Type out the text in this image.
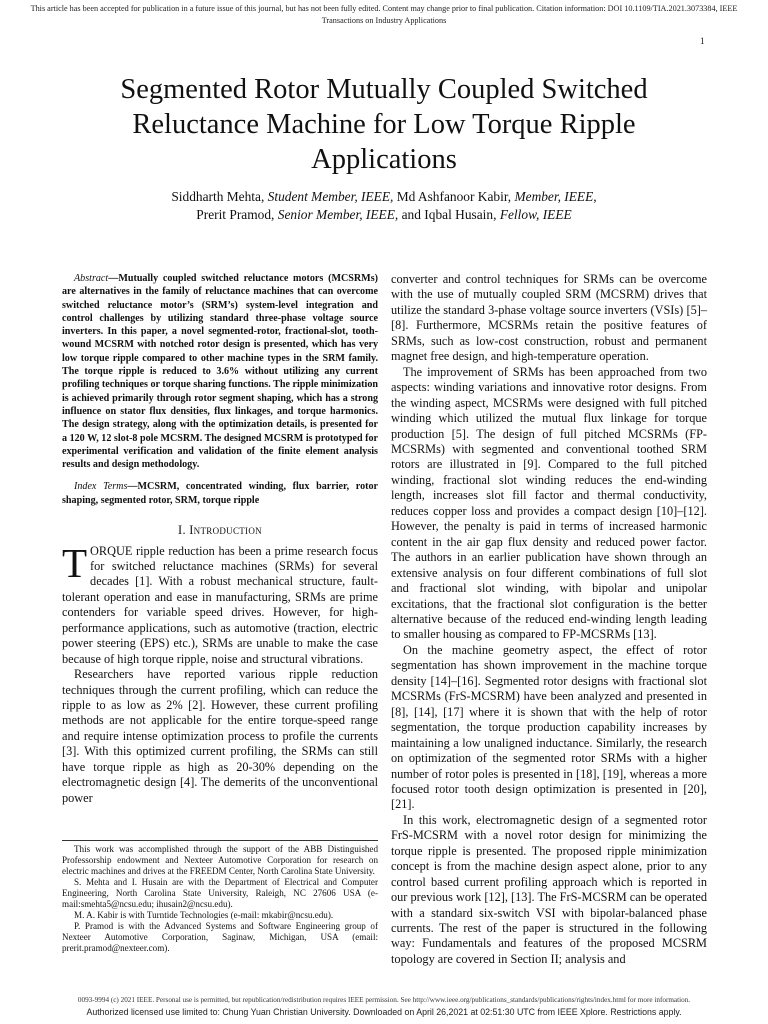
This article has been accepted for publication in a future issue of this journal, but has not been fully edited. Content may change prior to final publication. Citation information: DOI 10.1109/TIA.2021.3073384, IEEE
Transactions on Industry Applications
1
Segmented Rotor Mutually Coupled Switched
Reluctance Machine for Low Torque Ripple
Applications
Siddharth Mehta, Student Member, IEEE, Md Ashfanoor Kabir, Member, IEEE,
Prerit Pramod, Senior Member, IEEE, and Iqbal Husain, Fellow, IEEE

Abstract—Mutually coupled switched reluctance motors (MCSRMs) are alternatives in the family of reluctance machines that can overcome switched reluctance motor’s (SRM’s) system-level integration and control challenges by utilizing standard three-phase voltage source inverters. In this paper, a novel segmented-rotor, fractional-slot, tooth-wound MCSRM with notched rotor design is presented, which has very low torque ripple compared to other machine types in the SRM family. The torque ripple is reduced to 3.6% without utilizing any current profiling techniques or torque sharing functions. The ripple minimization is achieved primarily through rotor segment shaping, which has a strong influence on stator flux densities, flux linkages, and torque harmonics. The design strategy, along with the optimization details, is presented for a 120 W, 12 slot-8 pole MCSRM. The designed MCSRM is prototyped for experimental verification and validation of the finite element analysis results and design methodology.

Index Terms—MCSRM, concentrated winding, flux barrier, rotor shaping, segmented rotor, SRM, torque ripple

I. Introduction

TORQUE ripple reduction has been a prime research focus for switched reluctance machines (SRMs) for several decades [1]. With a robust mechanical structure, fault-tolerant operation and ease in manufacturing, SRMs are prime contenders for variable speed drives. However, for high-performance applications, such as automotive (traction, electric power steering (EPS) etc.), SRMs are unable to make the case because of high torque ripple, noise and structural vibrations.

Researchers have reported various ripple reduction techniques through the current profiling, which can reduce the ripple to as low as 2% [2]. However, these current profiling methods are not applicable for the entire torque-speed range and require intense optimization process to profile the currents [3]. With this optimized current profiling, the SRMs can still have torque ripple as high as 20-30% depending on the electromagnetic design [4]. The demerits of the unconventional power

This work was accomplished through the support of the ABB Distinguished Professorship endowment and Nexteer Automotive Corporation for research on electric machines and drives at the FREEDM Center, North Carolina State University.

S. Mehta and I. Husain are with the Department of Electrical and Computer Engineering, North Carolina State University, Raleigh, NC 27606 USA (e-mail:smehta5@ncsu.edu; ihusain2@ncsu.edu).

M. A. Kabir is with Turntide Technologies (e-mail: mkabir@ncsu.edu).

P. Pramod is with the Advanced Systems and Software Engineering group of Nexteer Automotive Corporation, Saginaw, Michigan, USA (email: prerit.pramod@nexteer.com).

converter and control techniques for SRMs can be overcome with the use of mutually coupled SRM (MCSRM) drives that utilize the standard 3-phase voltage source inverters (VSIs) [5]–[8]. Furthermore, MCSRMs retain the positive features of SRMs, such as low-cost construction, robust and permanent magnet free design, and high-temperature operation.

The improvement of SRMs has been approached from two aspects: winding variations and innovative rotor designs. From the winding aspect, MCSRMs were designed with full pitched winding which utilized the mutual flux linkage for torque production [5]. The design of full pitched MCSRMs (FP-MCSRMs) with segmented and conventional toothed SRM rotors are illustrated in [9]. Compared to the full pitched winding, fractional slot winding reduces the end-winding length, increases slot fill factor and thermal conductivity, reduces copper loss and provides a compact design [10]–[12]. However, the penalty is paid in terms of increased harmonic content in the air gap flux density and reduced power factor. The authors in an earlier publication have shown through an extensive analysis on four different combinations of full slot and fractional slot winding, with bipolar and unipolar excitations, that the fractional slot configuration is the better alternative because of the reduced end-winding length leading to smaller housing as compared to FP-MCSRMs [13].

On the machine geometry aspect, the effect of rotor segmentation has shown improvement in the machine torque density [14]–[16]. Segmented rotor designs with fractional slot MCSRMs (FrS-MCSRM) have been analyzed and presented in [8], [14], [17] where it is shown that with the help of rotor segmentation, the torque production capability increases by maintaining a low unaligned inductance. Similarly, the research on optimization of the segmented rotor SRMs with a higher number of rotor poles is presented in [18], [19], whereas a more focused rotor tooth design optimization is presented in [20], [21].

In this work, electromagnetic design of a segmented rotor FrS-MCSRM with a novel rotor design for minimizing the torque ripple is presented. The proposed ripple minimization concept is from the machine design aspect alone, prior to any control based current profiling approach which is reported in our previous work [12], [13]. The FrS-MCSRM can be operated with a standard six-switch VSI with bipolar-balanced phase currents. The rest of the paper is structured in the following way: Fundamentals and features of the proposed MCSRM topology are covered in Section II; analysis and

0093-9994 (c) 2021 IEEE. Personal use is permitted, but republication/redistribution requires IEEE permission. See http://www.ieee.org/publications_standards/publications/rights/index.html for more information.
Authorized licensed use limited to: Chung Yuan Christian University. Downloaded on April 26,2021 at 02:51:30 UTC from IEEE Xplore. Restrictions apply.
